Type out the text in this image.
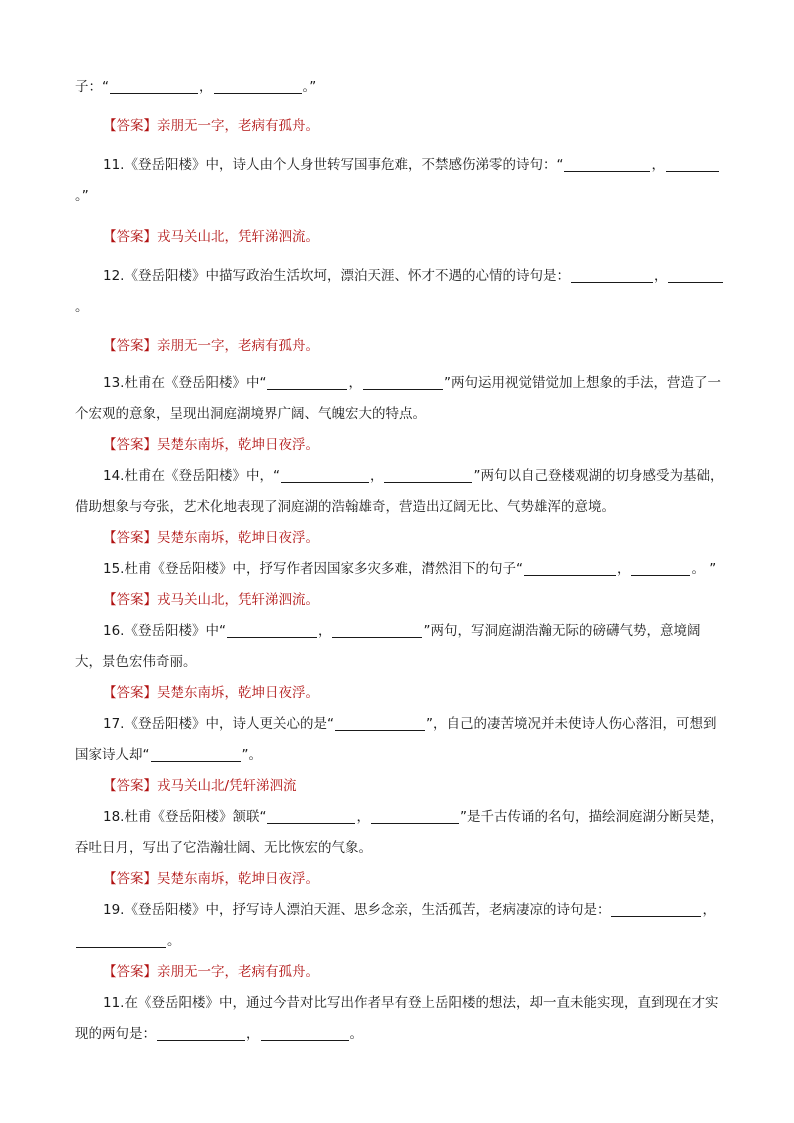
子：“	，	。”

【答案】亲朋无一字，老病有孤舟。

11.《登岳阳楼》中，诗人由个人身世转写国事危难，不禁感伤涕零的诗句：“	，。”

【答案】戎马关山北，凭轩涕泗流。

12.《登岳阳楼》中描写政治生活坎坷，漂泊天涯、怀才不遇的心情的诗句是：	，。

【答案】亲朋无一字，老病有孤舟。

13.杜甫在《登岳阳楼》中“	，	”两句运用视觉错觉加上想象的手法，营造了一个宏观的意象，呈现出洞庭湖境界广阔、气魄宏大的特点。

【答案】吴楚东南坼，乾坤日夜浮。

14.杜甫在《登岳阳楼》中，“	，	”两句以自己登楼观湖的切身感受为基础，借助想象与夸张，艺术化地表现了洞庭湖的浩翰雄奇，营造出辽阔无比、气势雄浑的意境。

【答案】吴楚东南坼，乾坤日夜浮。

15.杜甫《登岳阳楼》中，抒写作者因国家多灾多难，潸然泪下的句子“	，	。 ”

【答案】戎马关山北，凭轩涕泗流。

16.《登岳阳楼》中“	，	”两句，写洞庭湖浩瀚无际的磅礴气势，意境阔大，景色宏伟奇丽。

【答案】吴楚东南坼，乾坤日夜浮。

17.《登岳阳楼》中，诗人更关心的是“	”，自己的凄苦境况并未使诗人伤心落泪，可想到国家诗人却“	”。

【答案】戎马关山北/凭轩涕泗流

18.杜甫《登岳阳楼》颔联“	，	”是千古传诵的名句，描绘洞庭湖分断吴楚，吞吐日月，写出了它浩瀚壮阔、无比恢宏的气象。

【答案】吴楚东南坼，乾坤日夜浮。

19.《登岳阳楼》中，抒写诗人漂泊天涯、思乡念亲，生活孤苦，老病凄凉的诗句是：	，。

【答案】亲朋无一字，老病有孤舟。

11.在《登岳阳楼》中，通过今昔对比写出作者早有登上岳阳楼的想法，却一直未能实现，直到现在才实现的两句是：	，	。
